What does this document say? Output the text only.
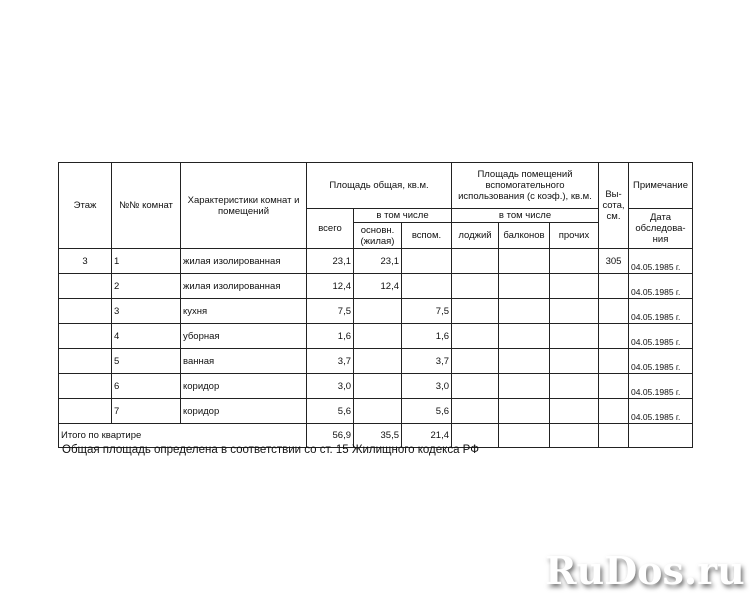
Этаж	№№ комнат	Характеристики комнат и помещений	Площадь общая, кв.м.			Площадь помещений вспомогательного использования (с коэф.), кв.м.			Вы-сота, см.	Примечание
			всего	в том числе		в том числе				Дата обследова-ния
				основн. (жилая)	вспом.	лоджий	балконов	прочих		
3	1	жилая изолированная	23,1	23,1					305	04.05.1985 г.
	2	жилая изолированная	12,4	12,4						04.05.1985 г.
	3	кухня	7,5		7,5					04.05.1985 г.
	4	уборная	1,6		1,6					04.05.1985 г.
	5	ванная	3,7		3,7					04.05.1985 г.
	6	коридор	3,0		3,0					04.05.1985 г.
	7	коридор	5,6		5,6					04.05.1985 г.
Итого по квартире			56,9	35,5	21,4					
Общая площадь определена в соответствии со ст. 15 Жилищного кодекса РФ
RuDos.ru
